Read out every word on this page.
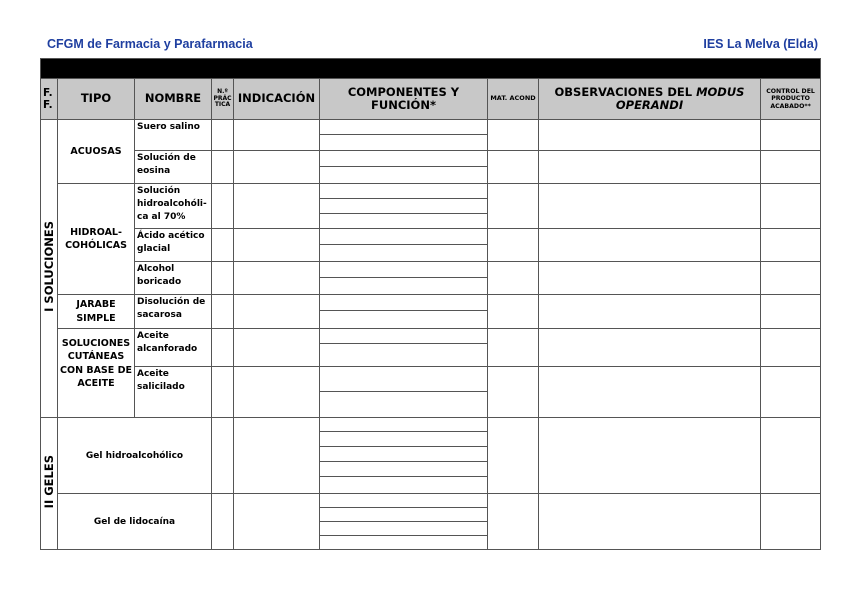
CFGM de Farmacia y Parafarmacia	IES La Melva (Elda)
ANEXO V. RESUMEN PRÁCTICAS FORMULACIÓN MAGISTRAL								
F. F.	TIPO	NOMBRE	N.º PRÁC TICA	INDICACIÓN	COMPONENTES Y FUNCIÓN*	MAT. ACOND	OBSERVACIONES DEL MODUS OPERANDI	CONTROL DEL PRODUCTO ACABADO**
I SOLUCIONES	ACUOSAS	Suero salino			

		Solución de eosina			

	HIDROAL-COHÓLICAS	Solución hidroalcohóli-ca al 70%			

		Ácido acético glacial			

		Alcohol boricado			

	JARABE SIMPLE	Disolución de sacarosa			

	SOLUCIONES CUTÁNEAS CON BASE DE ACEITE	Aceite alcanforado			

		Aceite salicilado			

II GELES	Gel hidroalcohólico				

	Gel de lidocaína				
